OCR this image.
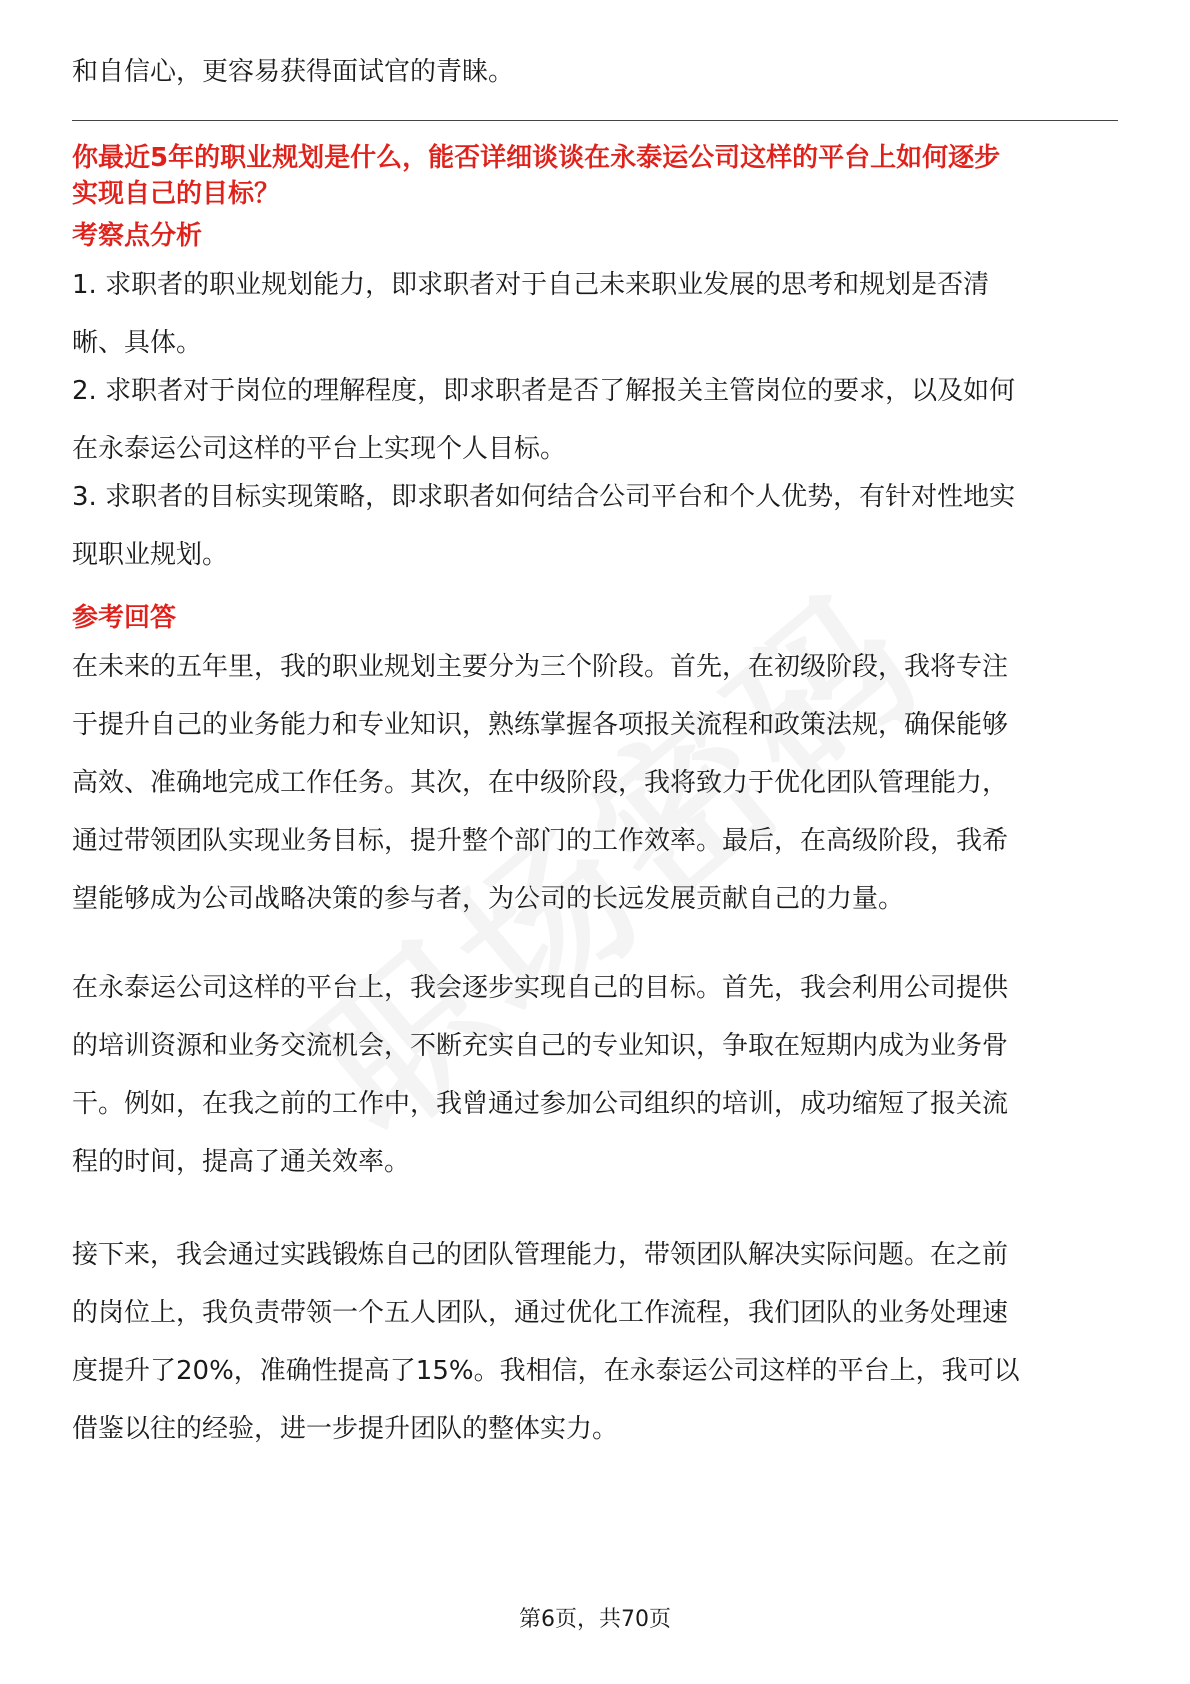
和自信心，更容易获得面试官的青睐。

你最近5年的职业规划是什么，能否详细谈谈在永泰运公司这样的平台上如何逐步
实现自己的目标？

考察点分析

1. 求职者的职业规划能力，即求职者对于自己未来职业发展的思考和规划是否清
晰、具体。

2. 求职者对于岗位的理解程度，即求职者是否了解报关主管岗位的要求，以及如何
在永泰运公司这样的平台上实现个人目标。

3. 求职者的目标实现策略，即求职者如何结合公司平台和个人优势，有针对性地实
现职业规划。

参考回答

在未来的五年里，我的职业规划主要分为三个阶段。首先，在初级阶段，我将专注
于提升自己的业务能力和专业知识，熟练掌握各项报关流程和政策法规，确保能够
高效、准确地完成工作任务。其次，在中级阶段，我将致力于优化团队管理能力，
通过带领团队实现业务目标，提升整个部门的工作效率。最后，在高级阶段，我希
望能够成为公司战略决策的参与者，为公司的长远发展贡献自己的力量。

在永泰运公司这样的平台上，我会逐步实现自己的目标。首先，我会利用公司提供
的培训资源和业务交流机会，不断充实自己的专业知识，争取在短期内成为业务骨
干。例如，在我之前的工作中，我曾通过参加公司组织的培训，成功缩短了报关流
程的时间，提高了通关效率。

接下来，我会通过实践锻炼自己的团队管理能力，带领团队解决实际问题。在之前
的岗位上，我负责带领一个五人团队，通过优化工作流程，我们团队的业务处理速
度提升了20%，准确性提高了15%。我相信，在永泰运公司这样的平台上，我可以
借鉴以往的经验，进一步提升团队的整体实力。

第6页，共70页
